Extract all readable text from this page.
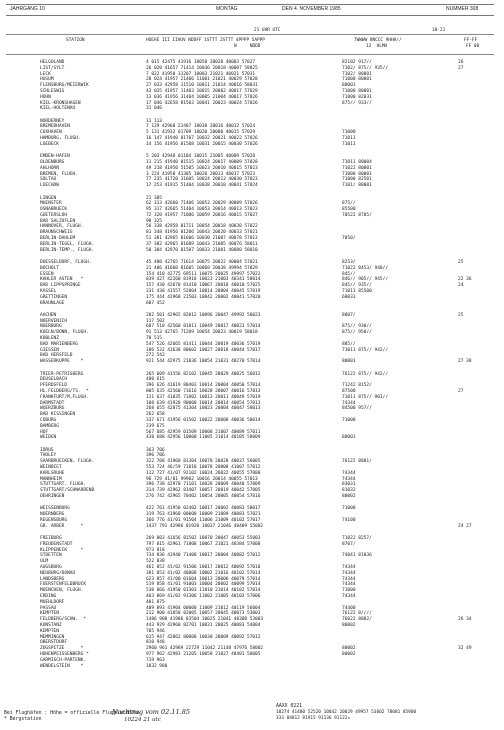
JAHRGANG 10	MONTAG	DEN 4. NOVEMBER 1985	NUMMER 308
21 UHR UTC	18-21
STATION	HOEHE III IIHUV NDDFF 1STTT 2STTT 4PPPP 5APPP
N     NDDD
7WWWW 8NCCC 9HHH//
12  HLMH
FF-FF
FF 08
HELGOLAND	4 015 42475 41916 10058 20020 40003 57027	82102 917//	26
LIST/SYLT	26 020 41657 71414 10036 20018 40007 58025	7102/ 875// 935//	27
LECK	7 022 41950 31207 10003 21021 40021 57031	7102/ 80001
HUSUM	28 024 41957 21406 11001 21021 40029 57020	71000 80001
FLENSBURG/MEIERWIK	27 033 42958 11510 10011 21014 40016 58031	80001
SCHLESWIG	43 035 41957 11403 10015 20002 40017 57029	71000 80001
HOHN	13 036 41956 31404 10005 21004 40017 57026	71000 82031
KIEL-KRONSHAGEN	17 046 42658 81503 10041 20023 40024 57026	875// 933//
KIEL-HOLTENAU	31 046
NORDERNEY	11 113
BREMERHAVEN	7 129 42960 21407 10030 20016 40012 57024
CUXHAVEN	5 131 41932 01709 10020 20000 40015 57029	71000
HAMBURG, FLUGH.	16 147 41940 01707 10032 20021 40022 57026	71011
LUEBECK	14 156 41956 01508 10031 20015 40030 57026	71011
EMDEN-HAFEN	5 203 42940 01104 10015 21005 40009 57028
OLDENBURG	11 215 41940 01515 10024 20017 40009 57028	71011 80004
AHLHORN	49 218 41950 51505 10023 20010 40015 57023	71022 80001
BREMEN, FLUGH.	3 224 41950 41305 10020 20013 40017 57023	71000 80001
SOLTAU	77 235 41720 31605 10024 20013 40030 57023	71000 82501
LUECHOW	17 253 41915 51404 10038 20010 40041 57024	7101/ 80001
LINGEN	21 305
MUENSTER	62 313 42660 71406 10053 20029 40009 57026	875//
OSNABRUECK	95 317 42665 51404 10053 20014 40013 57023	85500
GUETERSLOH	72 320 41957 71006 10059 20016 40015 57027	70522 8705/
BAD SALZUFLEN	98 325
HANNOVER, FLUGH.	56 338 42958 01711 10054 20018 40030 57022
BRAUNSCHWEIG	81 348 41956 01206 10043 20020 40033 57021
BERLIN-DAHLEM	51 381 42965 01606 10030 21007 40078 57013	7050/
BERLIN-TEGEL, FLUGH.	37 382 42965 01609 10043 21005 40076 58011
BERLIN-TEMP., FLUGH.	50 384 42970 01507 10033 21001 40080 58010
DUESSELDORF, FLUGH.	45 400 42765 71614 10075 20022 40004 57021	8253/	25
BOCHOLT	21 406 41660 81605 10068 20038 49994 57029	71022 8453/ 940//
ESSEN	154 410 42775 69511 10075 20025 49997 57022	845//
KAHLER ASTEN   *	839 427 42260 81918 10023 21003 48341 58014	846// 905// 945//	22 36
BAD LIPPSPRINGE	157 430 42670 81410 10067 20018 40010 57025	845// 935//	24
KASSEL	231 438 41557 52004 10014 20004 40045 57019	71011 85500
GRETTINGEN	175 444 42960 21503 10042 20002 40041 57020	60033
BRAUNLAGE	607 452
AACHEN	202 501 42965 82012 10096 20047 49992 58023	8807/	25
NOERVENICH	117 502
NUERBURG	607 510 42560 81811 10049 20017 40023 57014	875// 930//
KOELN/BONN, FLUGH.	91 513 42765 71209 10054 20023 40019 58018	875// 950//
KOBLENZ	70 515
BAD MARIENBERG	547 526 42665 81411 10044 20019 40036 57019	885//
GIESSEN	186 532 41638 80602 10027 20018 40044 57017	71011 875// 942//
BAD HERSFELD	272 542
WASSERKUPPE    *	921 544 42975 21836 10054 21031 48270 57014	80001	27 38
TRIER-PETRISBERG	265 609 41556 82102 10045 20029 40025 56012	76122 875// 942//
DEUSELBACH	480 615
PFERDSFELD	396 626 41619 80403 10014 20004 40050 57014	71242 8152/
HL.FELDBERG/TS.  *	805 635 42560 71616 10028 20007 40016 57013	87500	27
FRANKFURT/M,FLUGH.	111 637 41035 71802 10013 20011 40049 57019	71011 875// 901//
DARMSTADT	108 639 41920 90000 10014 20014 40054 57013	74344
WUERZBURG	268 655 42875 41304 10023 20004 40047 58013	84500 957//
BAD KISSINGEN	262 658
COBURG	337 671 41956 01502 10022 20008 40036 58014	71000
BAMBERG	239 675
HOF	567 685 42959 01509 10008 21007 40089 57011
WEIDEN	438 688 42956 10000 11005 21014 40105 58009	80001
IDRUS	363 706
THOLEY	396 706
SAARBRUECKEN, FLUGH.	322 708 41960 81304 10078 20028 40037 56005	76122 8801/
WEINBIET	553 724 46/59 71818 10078 20008 41007 57012
KARLSRUHE	112 727 41/07 92102 10024 20022 40055 57008	74344
MANNHEIM	96 729 41/01 99902 10016 20014 40055 57013	74344
STUTTGART, FLUGH.	396 738 42970 71101 10028 20009 40040 57009	83031
STUTTGART/SCHNARRENB	314 739 42962 81407 10057 20019 40042 57005	81032
OEHRINGEN	276 742 42965 70402 10054 20005 40054 57016	80002
WEISSENBURG	422 761 41950 02402 10017 20002 40083 58017	71000
NUERNBERG	319 763 41960 00000 10009 21009 40083 57021
REGENSBURG	366 776 41/01 91504 11006 21009 40102 57017	74100
GR. ARBER      *	1437 791 42986 01920 10037 21046 48409 55002	24 27
FREIBURG	269 803 41656 81502 10070 20047 40053 55003	71022 8257/
FREUDENSTADT	797 815 42961 71808 10067 21021 48384 57008	8707/
KLIPPENECK     *	973 818
STOETTEN	734 836 41940 71408 10017 20004 40082 57012	74041 81036
ULM	522 838
AUGSBURG	461 852 41/02 91506 10017 20012 40092 57010	74344
NEUBURG/DONAU	381 853 41/02 40808 10002 21016 40102 57014	74344
LANDSBERG	623 857 41/00 01604 10013 20006 40079 57014	74344
FUERSTENFELDBRUCK	519 858 41/01 91003 10004 20002 40099 57014	74344
MUENCHEN, FLUGH.	530 866 41950 01303 11010 21014 40102 57014	71000
ERDING	463 869 41/02 91306 11002 21005 40103 57006	74344
MUEHLDORF	401 875
PASSAU	409 893 41904 00000 11009 21012 40119 56004	74400
KEMPTEN	212 900 41850 82005 10057 20045 40073 53003	76122 8////
FELDBERG/SCHW.  *	1486 908 41986 83504 10025 21041 48388 53003	76022 8802/	26 34
KONSTANZ	443 929 42960 82701 10031 20025 40083 54004	80002
KEMPTEN	705 946
MEMMINGEN	615 947 42862 80000 10030 20009 40092 57012
OBERSTDORF	810 948
ZUGSPITZE      *	2960 961 42989 22729 11042 21148 47976 58002	80002	32 49
HOHENPEISSENBERG *	977 962 42983 21205 10058 21027 48401 58005	80002
GARMISCH-PARTENK.	719 963
WENDELSTEIN    *	1832 980
Bei Flughäfen : Höhe = offizielle Flugplatzhöhe
* Bergstation
Nachtrag vom 02.11.85
10224 21 utc
AAXX 0221
10274 41480 52520 10042 20029 49957 53002 78081 85900
333 84812 81915 91136 91122=
